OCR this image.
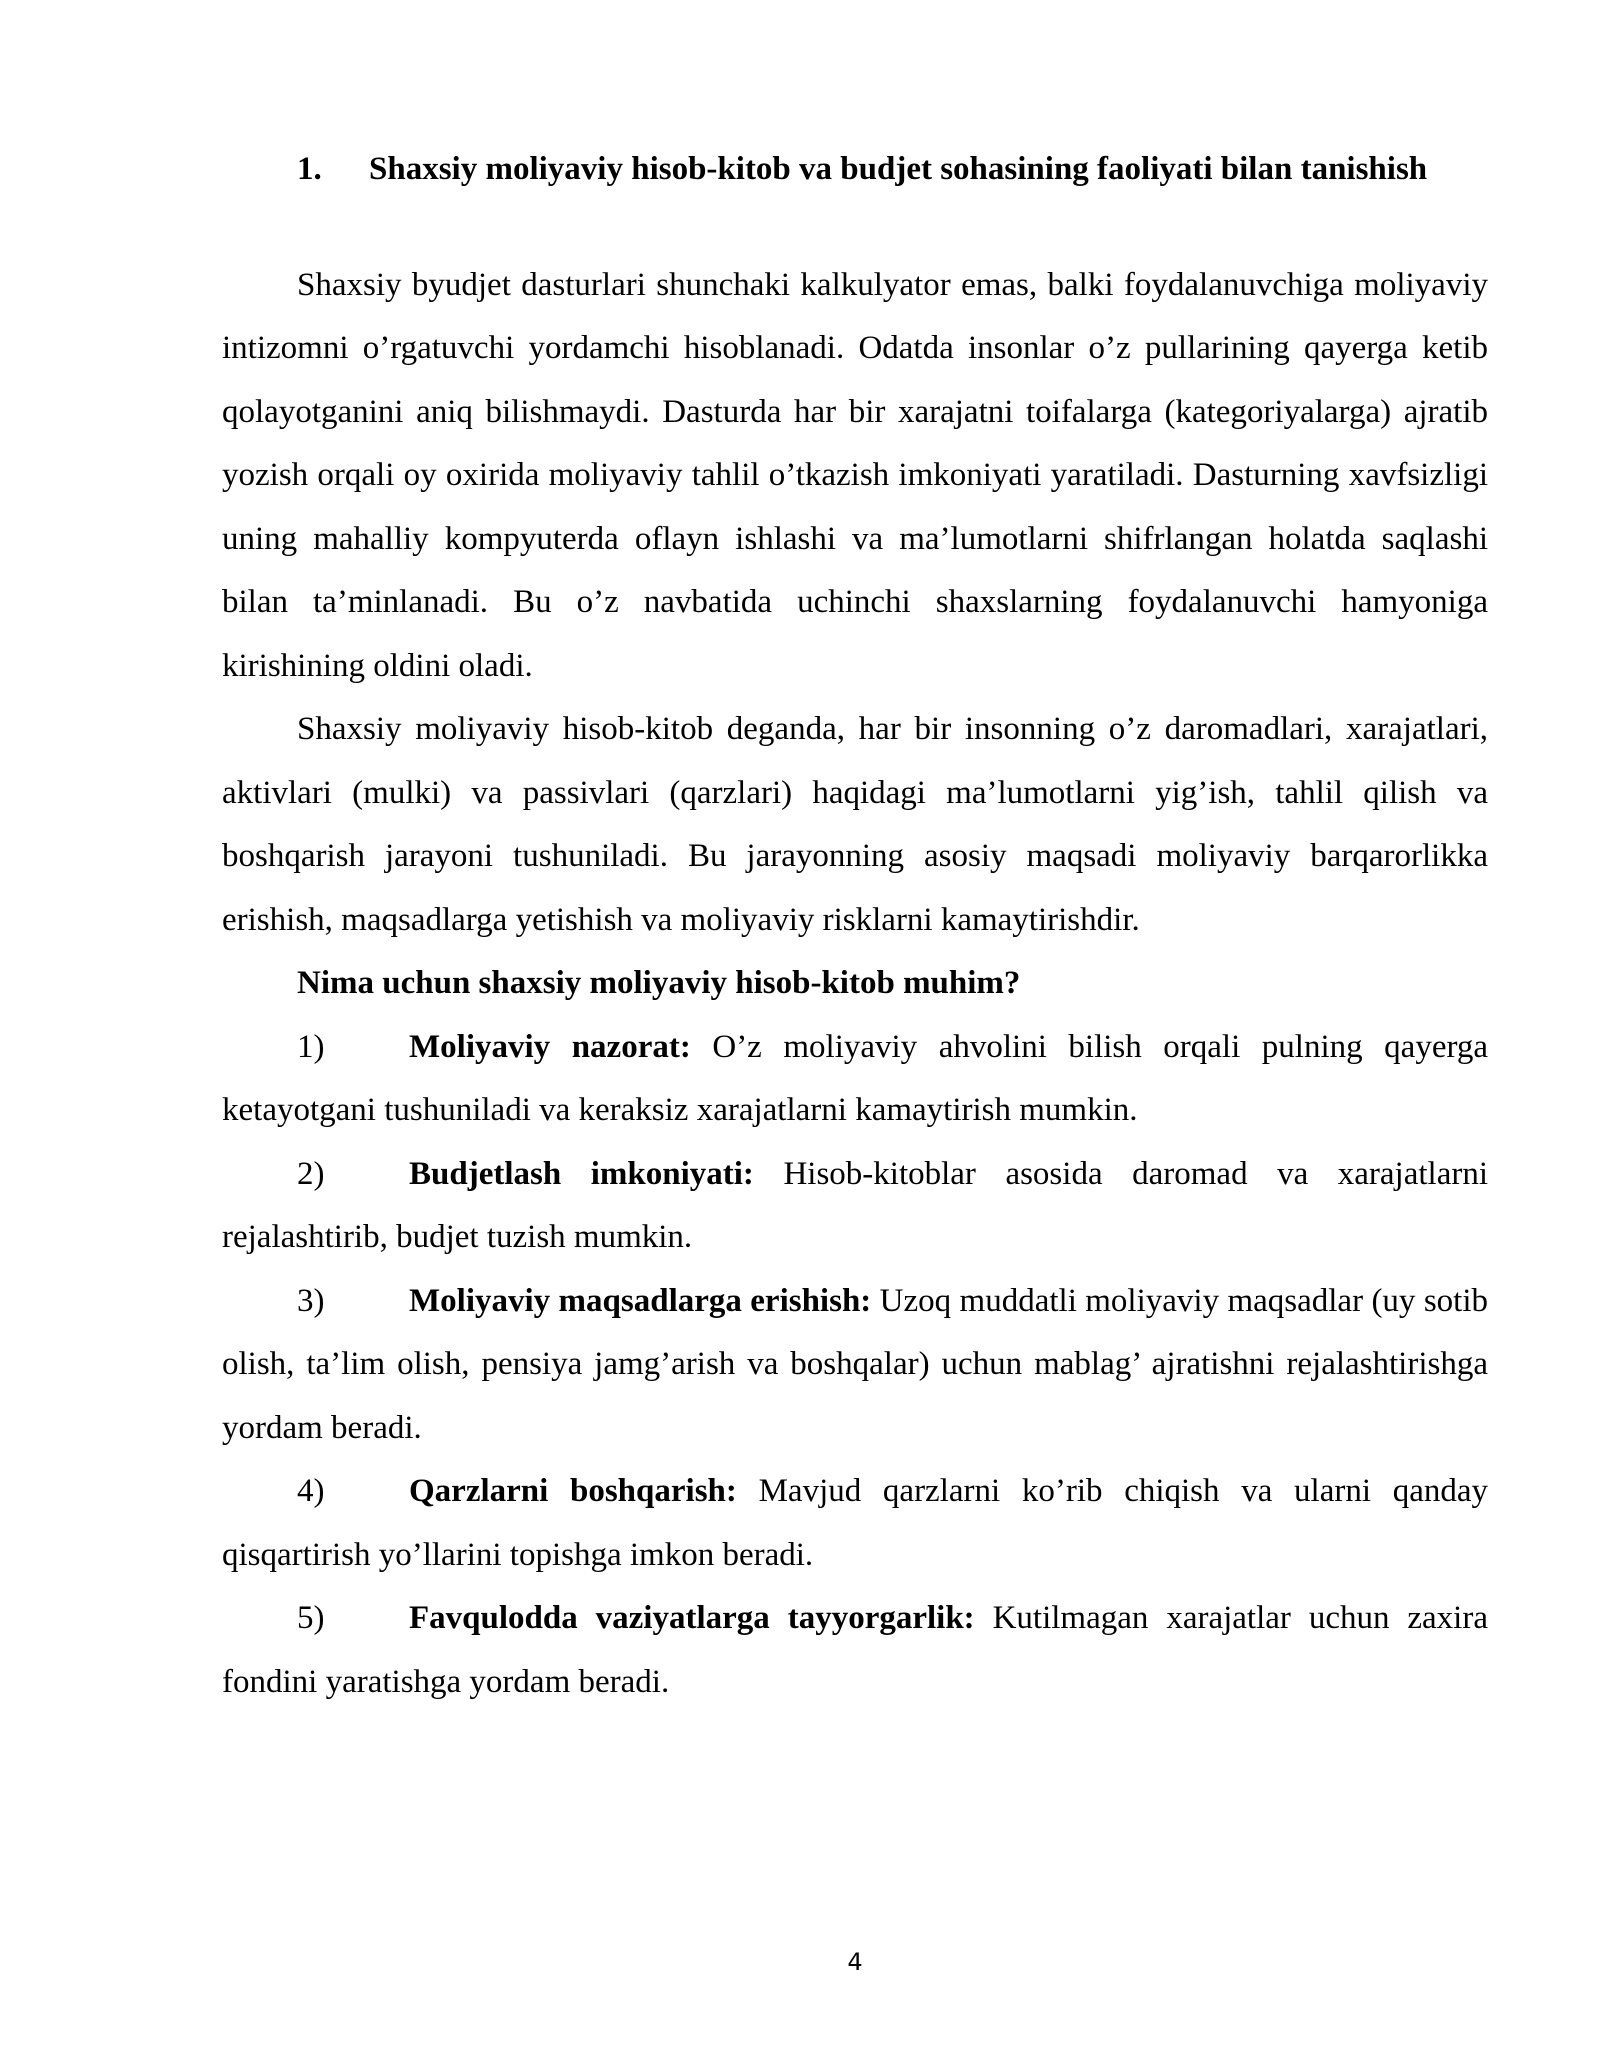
1. Shaxsiy moliyaviy hisob-kitob va budjet sohasining faoliyati bilan tanishish

Shaxsiy byudjet dasturlari shunchaki kalkulyator emas, balki foydalanuvchiga moliyaviy intizomni o’rgatuvchi yordamchi hisoblanadi. Odatda insonlar o’z pullarining qayerga ketib qolayotganini aniq bilishmaydi. Dasturda har bir xarajatni toifalarga (kategoriyalarga) ajratib yozish orqali oy oxirida moliyaviy tahlil o’tkazish imkoniyati yaratiladi. Dasturning xavfsizligi uning mahalliy kompyuterda oflayn ishlashi va ma’lumotlarni shifrlangan holatda saqlashi bilan ta’minlanadi. Bu o’z navbatida uchinchi shaxslarning foydalanuvchi hamyoniga kirishining oldini oladi.

Shaxsiy moliyaviy hisob-kitob deganda, har bir insonning o’z daromadlari, xarajatlari, aktivlari (mulki) va passivlari (qarzlari) haqidagi ma’lumotlarni yig’ish, tahlil qilish va boshqarish jarayoni tushuniladi. Bu jarayonning asosiy maqsadi moliyaviy barqarorlikka erishish, maqsadlarga yetishish va moliyaviy risklarni kamaytirishdir.

Nima uchun shaxsiy moliyaviy hisob-kitob muhim?

1)	Moliyaviy nazorat: O’z moliyaviy ahvolini bilish orqali pulning qayerga ketayotgani tushuniladi va keraksiz xarajatlarni kamaytirish mumkin.

2)	Budjetlash imkoniyati: Hisob-kitoblar asosida daromad va xarajatlarni rejalashtirib, budjet tuzish mumkin.

3)	Moliyaviy maqsadlarga erishish: Uzoq muddatli moliyaviy maqsadlar (uy sotib olish, ta’lim olish, pensiya jamg’arish va boshqalar) uchun mablag’ ajratishni rejalashtirishga yordam beradi.

4)	Qarzlarni boshqarish: Mavjud qarzlarni ko’rib chiqish va ularni qanday qisqartirish yo’llarini topishga imkon beradi.

5)	Favqulodda vaziyatlarga tayyorgarlik: Kutilmagan xarajatlar uchun zaxira fondini yaratishga yordam beradi.

4
